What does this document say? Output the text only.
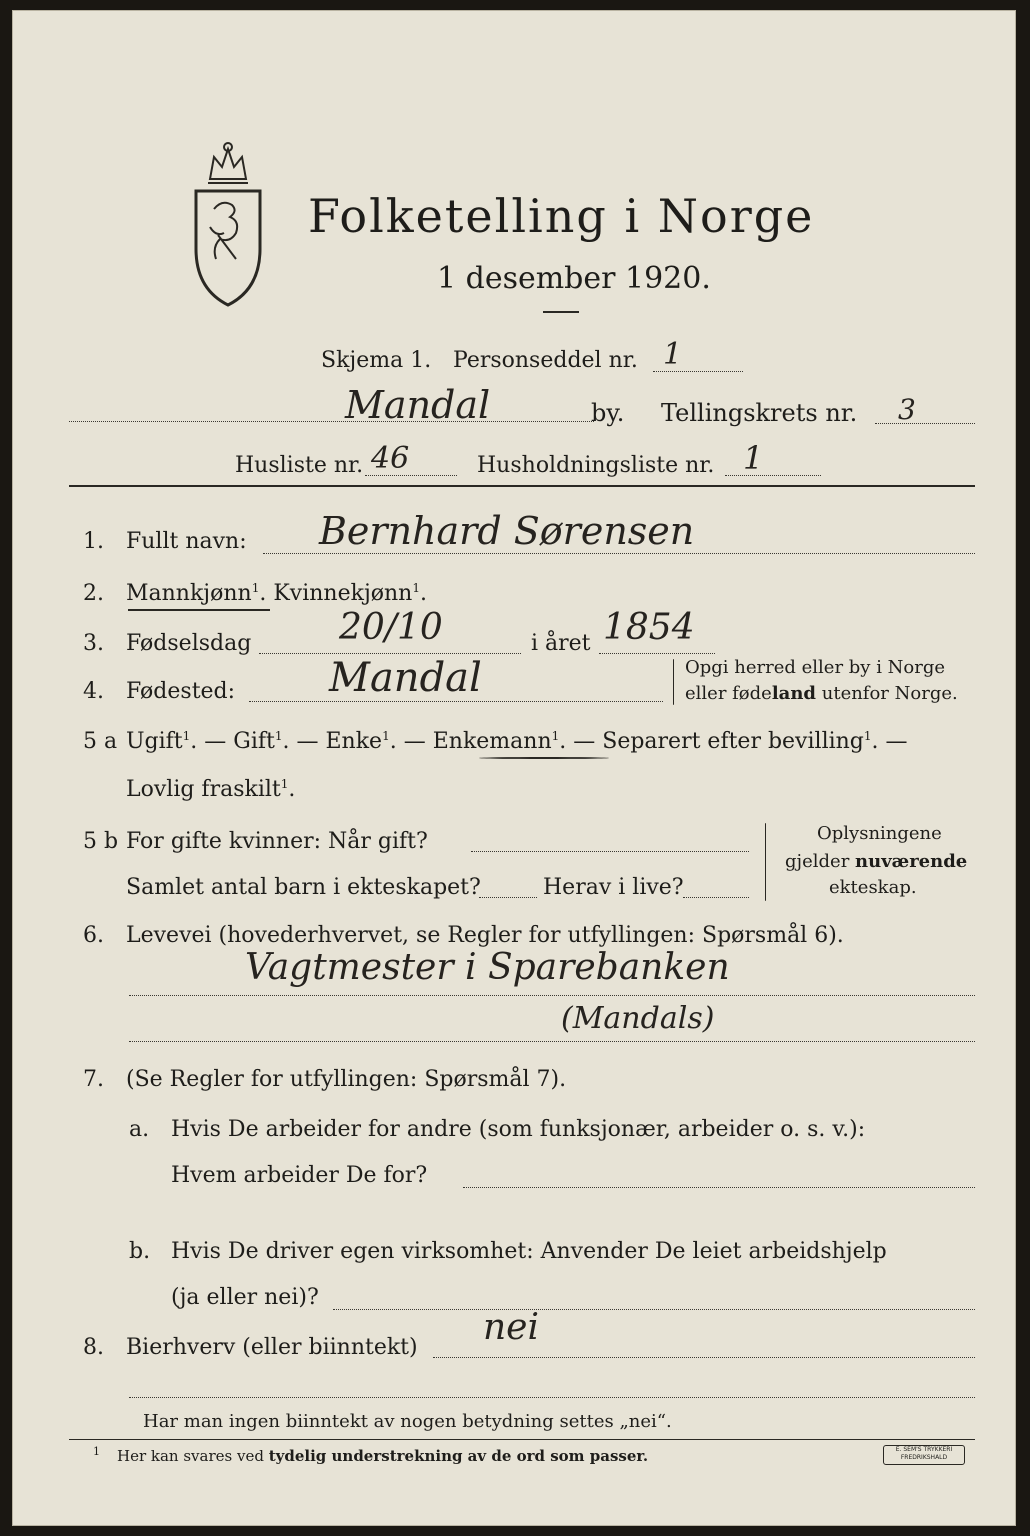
Folketelling i Norge
1 desember 1920.
Skjema 1. Personseddel nr. 1
Mandal	by. Tellingskrets nr. 3
Husliste nr. 46	Husholdningsliste nr. 1
1. Fullt navn: Bernhard Sørensen
2. Mannkjønn$^1$. Kvinnekjønn$^1$.
3. Fødselsdag 20/10	i året 1854
4. Fødested: Mandal	Opgi herred eller by i Norge
eller fødeland utenfor Norge.
5 a Ugift$^1$. — Gift$^1$. — Enke$^1$. — Enkemann$^1$. — Separert efter bevilling$^1$. —
Lovlig fraskilt$^1$.
5 b For gifte kvinner: Når gift?
Samlet antal barn i ekteskapet?	Herav i live?
Oplysningene
gjelder nuværende
ekteskap.
6. Levevei (hovederhvervet, se Regler for utfyllingen: Spørsmål 6).
Vagtmester i Sparebanken
(Mandals)
7. (Se Regler for utfyllingen: Spørsmål 7).
a. Hvis De arbeider for andre (som funksjonær, arbeider o. s. v.):
Hvem arbeider De for?
b. Hvis De driver egen virksomhet: Anvender De leiet arbeidshjelp
(ja eller nei)?
8. Bierhverv (eller biinntekt) nei
Har man ingen biinntekt av nogen betydning settes „nei“.
1 Her kan svares ved tydelig understrekning av de ord som passer.	E. SEM'S TRYKKERI
FREDRIKSHALD
